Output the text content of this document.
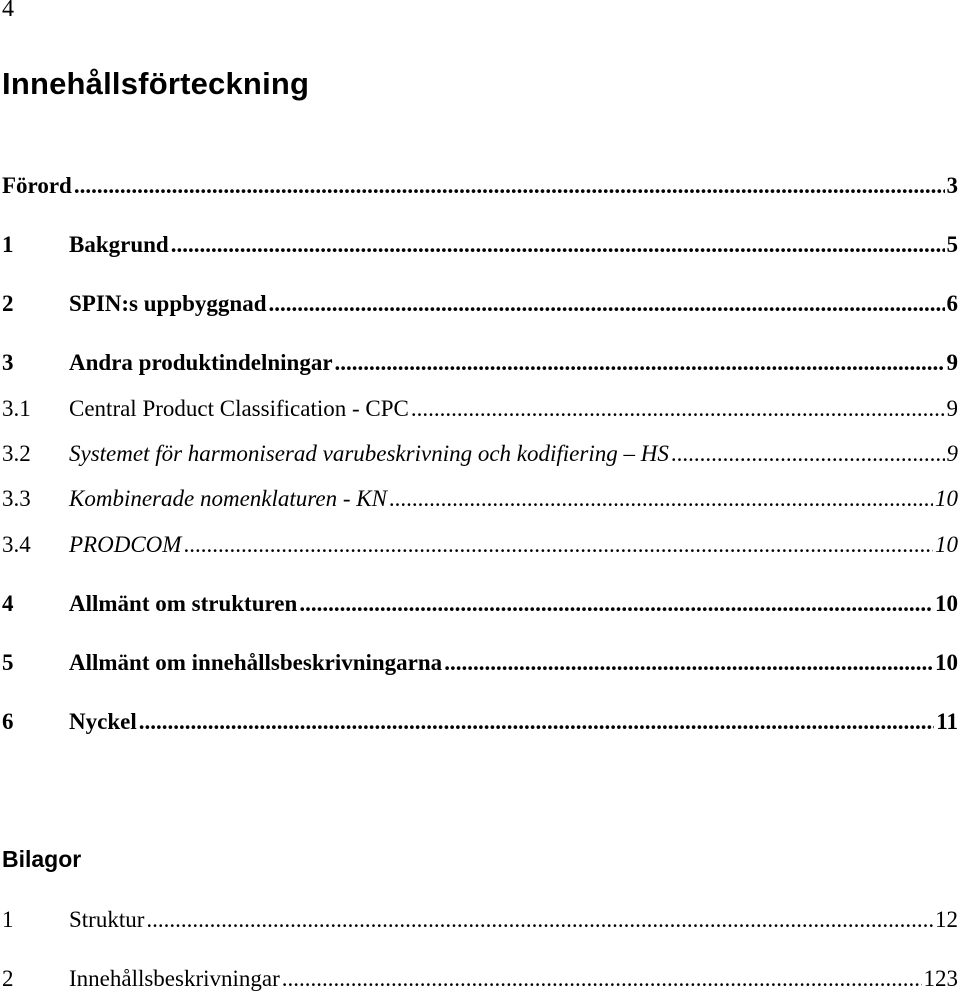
4
Innehållsförteckning
Förord .....	3
1	Bakgrund .....	5
2	SPIN:s uppbyggnad .....	6
3	Andra produktindelningar .....	9
3.1	Central Product Classification - CPC .....	9
3.2	Systemet för harmoniserad varubeskrivning och kodifiering – HS .....	9
3.3	Kombinerade nomenklaturen - KN .....	10
3.4	PRODCOM .....	10
4	Allmänt om strukturen .....	10
5	Allmänt om innehållsbeskrivningarna .....	10
6	Nyckel .....	11
Bilagor
1	Struktur .....	12
2	Innehållsbeskrivningar .....	123
